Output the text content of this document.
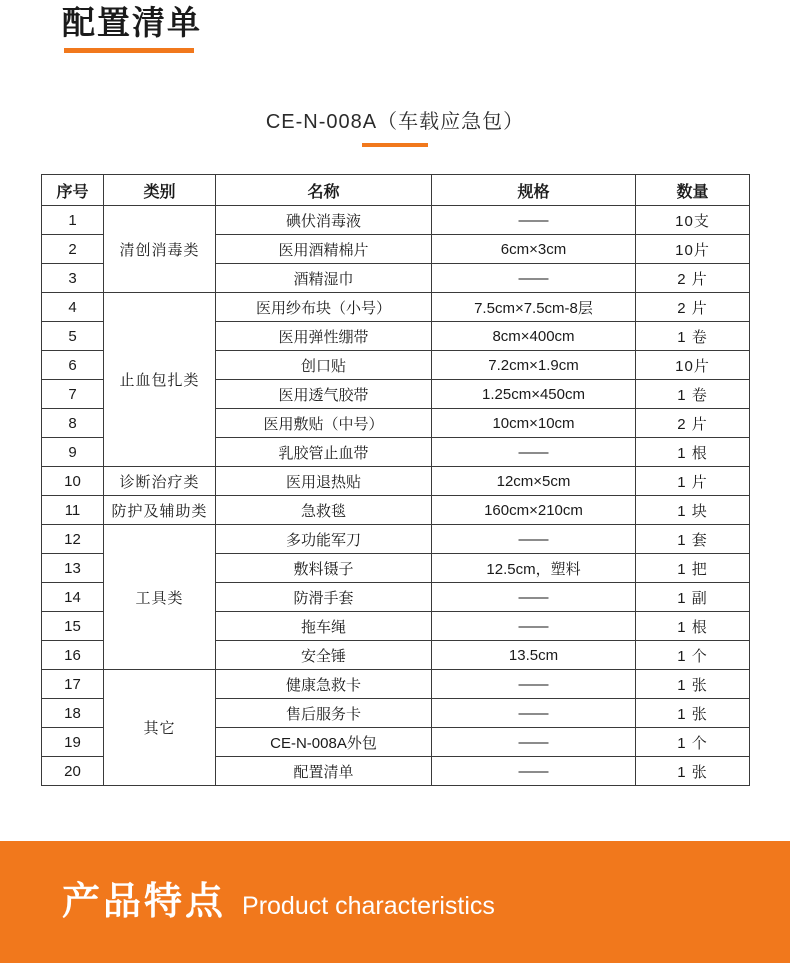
配置清单
CE-N-008A（车载应急包）
序号	类别	名称	规格	数量
1	清创消毒类	碘伏消毒液	——	10支
2		医用酒精棉片	6cm×3cm	10片
3		酒精湿巾	——	2 片
4	止血包扎类	医用纱布块（小号）	7.5cm×7.5cm-8层	2 片
5		医用弹性绷带	8cm×400cm	1 卷
6		创口贴	7.2cm×1.9cm	10片
7		医用透气胶带	1.25cm×450cm	1 卷
8		医用敷贴（中号）	10cm×10cm	2 片
9		乳胶管止血带	——	1 根
10	诊断治疗类	医用退热贴	12cm×5cm	1 片
11	防护及辅助类	急救毯	160cm×210cm	1 块
12	工具类	多功能军刀	——	1 套
13		敷料镊子	12.5cm，塑料	1 把
14		防滑手套	——	1 副
15		拖车绳	——	1 根
16		安全锤	13.5cm	1 个
17	其它	健康急救卡	——	1 张
18		售后服务卡	——	1 张
19		CE-N-008A外包	——	1 个
20		配置清单	——	1 张
产品特点 Product characteristics
